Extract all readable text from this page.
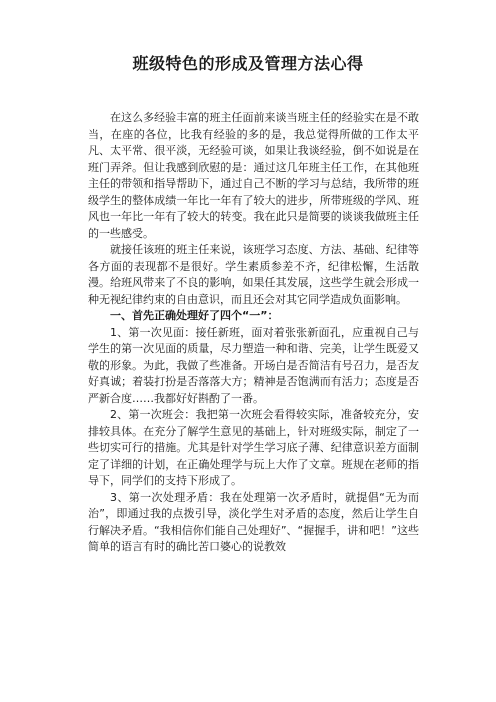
班级特色的形成及管理方法心得

在这么多经验丰富的班主任面前来谈当班主任的经验实在是不敢当，在座的各位，比我有经验的多的是，我总觉得所做的工作太平凡、太平常、很平淡，无经验可谈，如果让我谈经验，倒不如说是在班门弄斧。但让我感到欣慰的是：通过这几年班主任工作，在其他班主任的带领和指导帮助下，通过自己不断的学习与总结，我所带的班级学生的整体成绩一年比一年有了较大的进步，所带班级的学风、班风也一年比一年有了较大的转变。我在此只是简要的谈谈我做班主任的一些感受。

就接任该班的班主任来说，该班学习态度、方法、基础、纪律等各方面的表现都不是很好。学生素质参差不齐，纪律松懈，生活散漫。给班风带来了不良的影响，如果任其发展，这些学生就会形成一种无视纪律约束的自由意识，而且还会对其它同学造成负面影响。

一、首先正确处理好了四个“一”：

1、第一次见面：接任新班，面对着张张新面孔，应重视自己与学生的第一次见面的质量，尽力塑造一种和谐、完美，让学生既爱又敬的形象。为此，我做了些准备。开场白是否简洁有号召力，是否友好真诚；着装打扮是否落落大方；精神是否饱满而有活力；态度是否严新合度……我都好好斟酌了一番。

2、第一次班会：我把第一次班会看得较实际，准备较充分，安排较具体。在充分了解学生意见的基础上，针对班级实际，制定了一些切实可行的措施。尤其是针对学生学习底子薄、纪律意识差方面制定了详细的计划，在正确处理学与玩上大作了文章。班规在老师的指导下，同学们的支持下形成了。

3、第一次处理矛盾：我在处理第一次矛盾时，就提倡“无为而治”，即通过我的点拨引导，淡化学生对矛盾的态度，然后让学生自行解决矛盾。“我相信你们能自己处理好”、“握握手，讲和吧！”这些简单的语言有时的确比苦口婆心的说教效
